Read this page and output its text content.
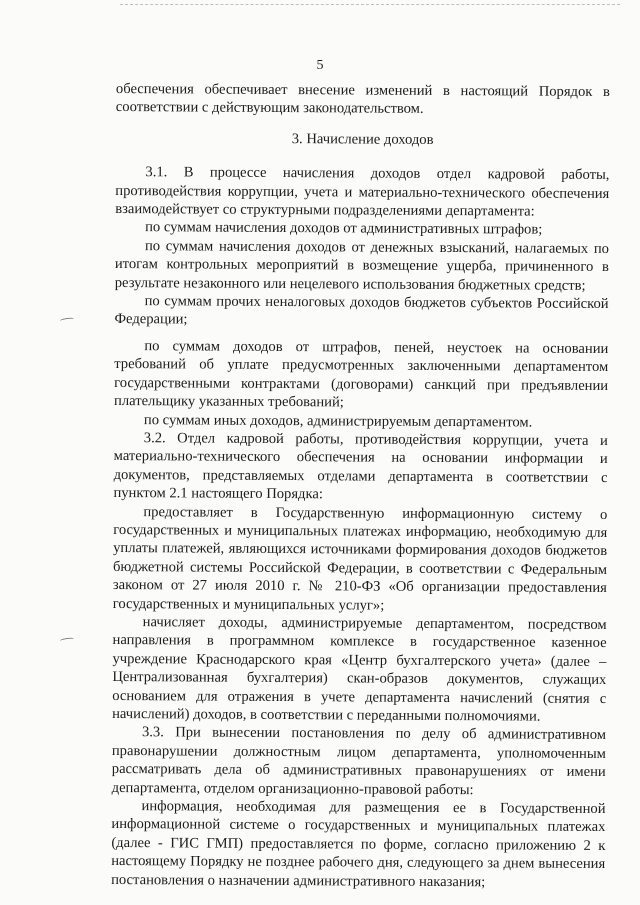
5

обеспечения обеспечивает внесение изменений в настоящий Порядок в соответствии с действующим законодательством.

3. Начисление доходов

3.1. В процессе начисления доходов отдел кадровой работы, противодействия коррупции, учета и материально-технического обеспечения взаимодействует со структурными подразделениями департамента:

по суммам начисления доходов от административных штрафов;

по суммам начисления доходов от денежных взысканий, налагаемых по итогам контрольных мероприятий в возмещение ущерба, причиненного в результате незаконного или нецелевого использования бюджетных средств;

по суммам прочих неналоговых доходов бюджетов субъектов Российской Федерации;

по суммам доходов от штрафов, пеней, неустоек на основании требований об уплате предусмотренных заключенными департаментом государственными контрактами (договорами) санкций при предъявлении плательщику указанных требований;

по суммам иных доходов, администрируемым департаментом.

3.2. Отдел кадровой работы, противодействия коррупции, учета и материально-технического обеспечения на основании информации и документов, представляемых отделами департамента в соответствии с пунктом 2.1 настоящего Порядка:

предоставляет в Государственную информационную систему о государственных и муниципальных платежах информацию, необходимую для уплаты платежей, являющихся источниками формирования доходов бюджетов бюджетной системы Российской Федерации, в соответствии с Федеральным законом от 27 июля 2010 г. № 210-ФЗ «Об организации предоставления государственных и муниципальных услуг»;

начисляет доходы, администрируемые департаментом, посредством направления в программном комплексе в государственное казенное учреждение Краснодарского края «Центр бухгалтерского учета» (далее – Централизованная бухгалтерия) скан-образов документов, служащих основанием для отражения в учете департамента начислений (снятия с начислений) доходов, в соответствии с переданными полномочиями.

3.3. При вынесении постановления по делу об административном правонарушении должностным лицом департамента, уполномоченным рассматривать дела об административных правонарушениях от имени департамента, отделом организационно-правовой работы:

информация, необходимая для размещения ее в Государственной информационной системе о государственных и муниципальных платежах (далее - ГИС ГМП) предоставляется по форме, согласно приложению 2 к настоящему Порядку не позднее рабочего дня, следующего за днем вынесения постановления о назначении административного наказания;
